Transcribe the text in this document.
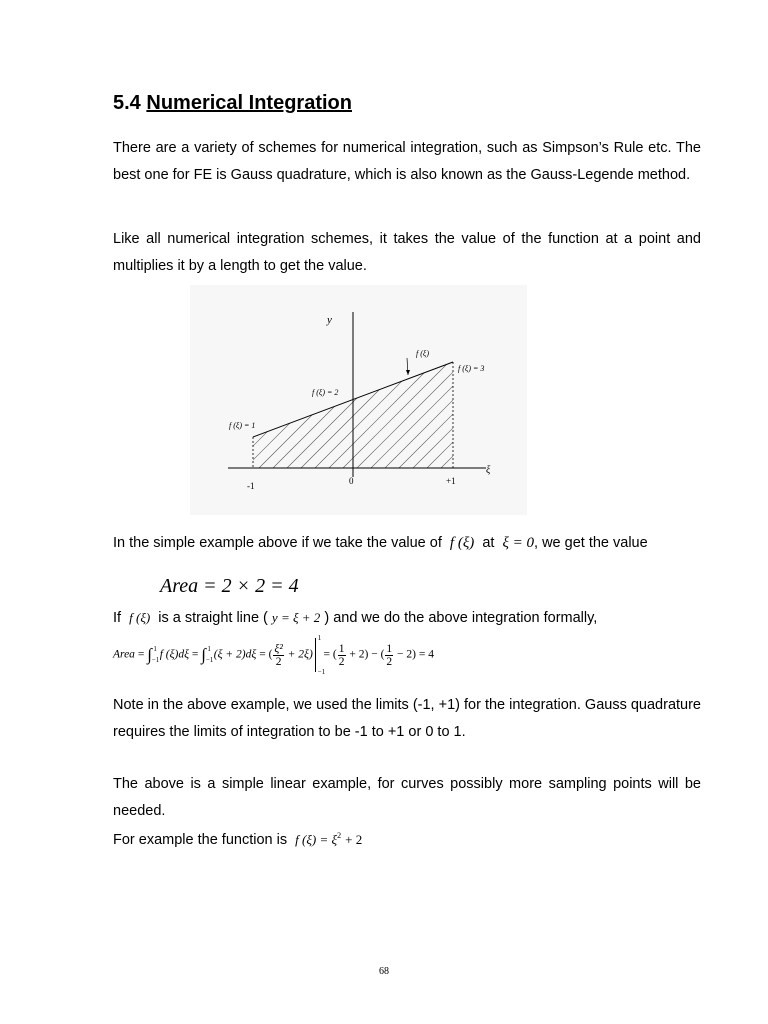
5.4 Numerical Integration
There are a variety of schemes for numerical integration, such as Simpson’s Rule etc. The best one for FE is Gauss quadrature, which is also known as the Gauss-Legende method.
Like all numerical integration schemes, it takes the value of the function at a point and multiplies it by a length to get the value.
y
ξ
f (ξ)
f (ξ) = 1
f (ξ) = 2
f (ξ) = 3
-1	0	+1
In the simple example above if we take the value of f (ξ) at ξ = 0, we get the value
Area = 2 × 2 = 4
If f (ξ) is a straight line ( y = ξ + 2 ) and we do the above integration formally,
Area = $\int_{-1}^1$ f $(\xi)d\xi = \int_{-1}^1$ (ξ + 2)dξ = ( $\frac{\text{ξ²}}{2} + 2\xi$)
1
−1
= ( $\frac{1}{2} + 2$) − ( $\frac{1}{2} - 2) = 4$
Note in the above example, we used the limits (-1, +1) for the integration. Gauss quadrature requires the limits of integration to be -1 to +1 or 0 to 1.
The above is a simple linear example, for curves possibly more sampling points will be needed.
For example the function is f $(\xi) = \xi^2 + 2$
68
